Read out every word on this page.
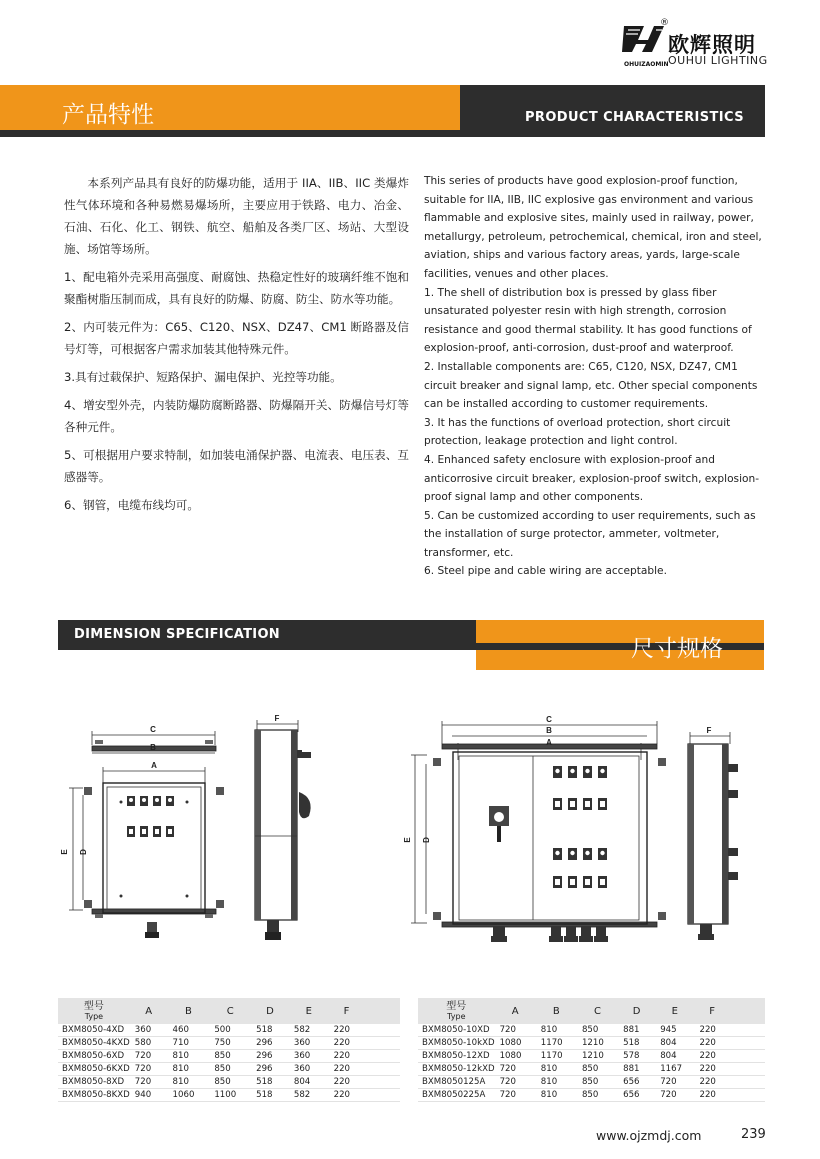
®
欧辉照明
OUHUI LIGHTING
OHUIZAOMIN
产品特性	PRODUCT CHARACTERISTICS

　　本系列产品具有良好的防爆功能，适用于 IIA、IIB、IIC 类爆炸性气体环境和各种易燃易爆场所，主要应用于铁路、电力、冶金、石油、石化、化工、钢铁、航空、船舶及各类厂区、场站、大型设施、场馆等场所。

1、配电箱外壳采用高强度、耐腐蚀、热稳定性好的玻璃纤维不饱和聚酯树脂压制而成，具有良好的防爆、防腐、防尘、防水等功能。

2、内可装元件为：C65、C120、NSX、DZ47、CM1 断路器及信号灯等，可根据客户需求加装其他特殊元件。

3.具有过载保护、短路保护、漏电保护、光控等功能。

4、增安型外壳，内装防爆防腐断路器、防爆隔开关、防爆信号灯等各种元件。

5、可根据用户要求特制，如加装电涌保护器、电流表、电压表、互感器等。

6、钢管，电缆布线均可。

This series of products have good explosion-proof function, suitable for IIA, IIB, IIC explosive gas environment and various flammable and explosive sites, mainly used in railway, power, metallurgy, petroleum, petrochemical, chemical, iron and steel, aviation, ships and various factory areas, yards, large-scale facilities, venues and other places.

1. The shell of distribution box is pressed by glass fiber unsaturated polyester resin with high strength, corrosion resistance and good thermal stability. It has good functions of explosion-proof, anti-corrosion, dust-proof and waterproof.

2. Installable components are: C65, C120, NSX, DZ47, CM1 circuit breaker and signal lamp, etc. Other special components can be installed according to customer requirements.

3. It has the functions of overload protection, short circuit protection, leakage protection and light control.

4. Enhanced safety enclosure with explosion-proof and anticorrosive circuit breaker, explosion-proof switch, explosion-proof signal lamp and other components.

5. Can be customized according to user requirements, such as the installation of surge protector, ammeter, voltmeter, transformer, etc.

6. Steel pipe and cable wiring are acceptable.

DIMENSION SPECIFICATION
尺寸规格
C
B
A
F	C
B
A
F
E D
E D
型号
Type	A	B	C	D	E	F	
BXM8050-4XD	360	460	500	518	582	220	
BXM8050-4KXD	580	710	750	296	360	220	
BXM8050-6XD	720	810	850	296	360	220	
BXM8050-6KXD	720	810	850	296	360	220	
BXM8050-8XD	720	810	850	518	804	220	
BXM8050-8KXD	940	1060	1100	518	582	220	
型号
Type	A	B	C	D	E	F	
BXM8050-10XD	720	810	850	881	945	220	
BXM8050-10kXD	1080	1170	1210	518	804	220	
BXM8050-12XD	1080	1170	1210	578	804	220	
BXM8050-12kXD	720	810	850	881	1167	220	
BXM8050125A	720	810	850	656	720	220	
BXM8050225A	720	810	850	656	720	220	
www.ojzmdj.com	239
